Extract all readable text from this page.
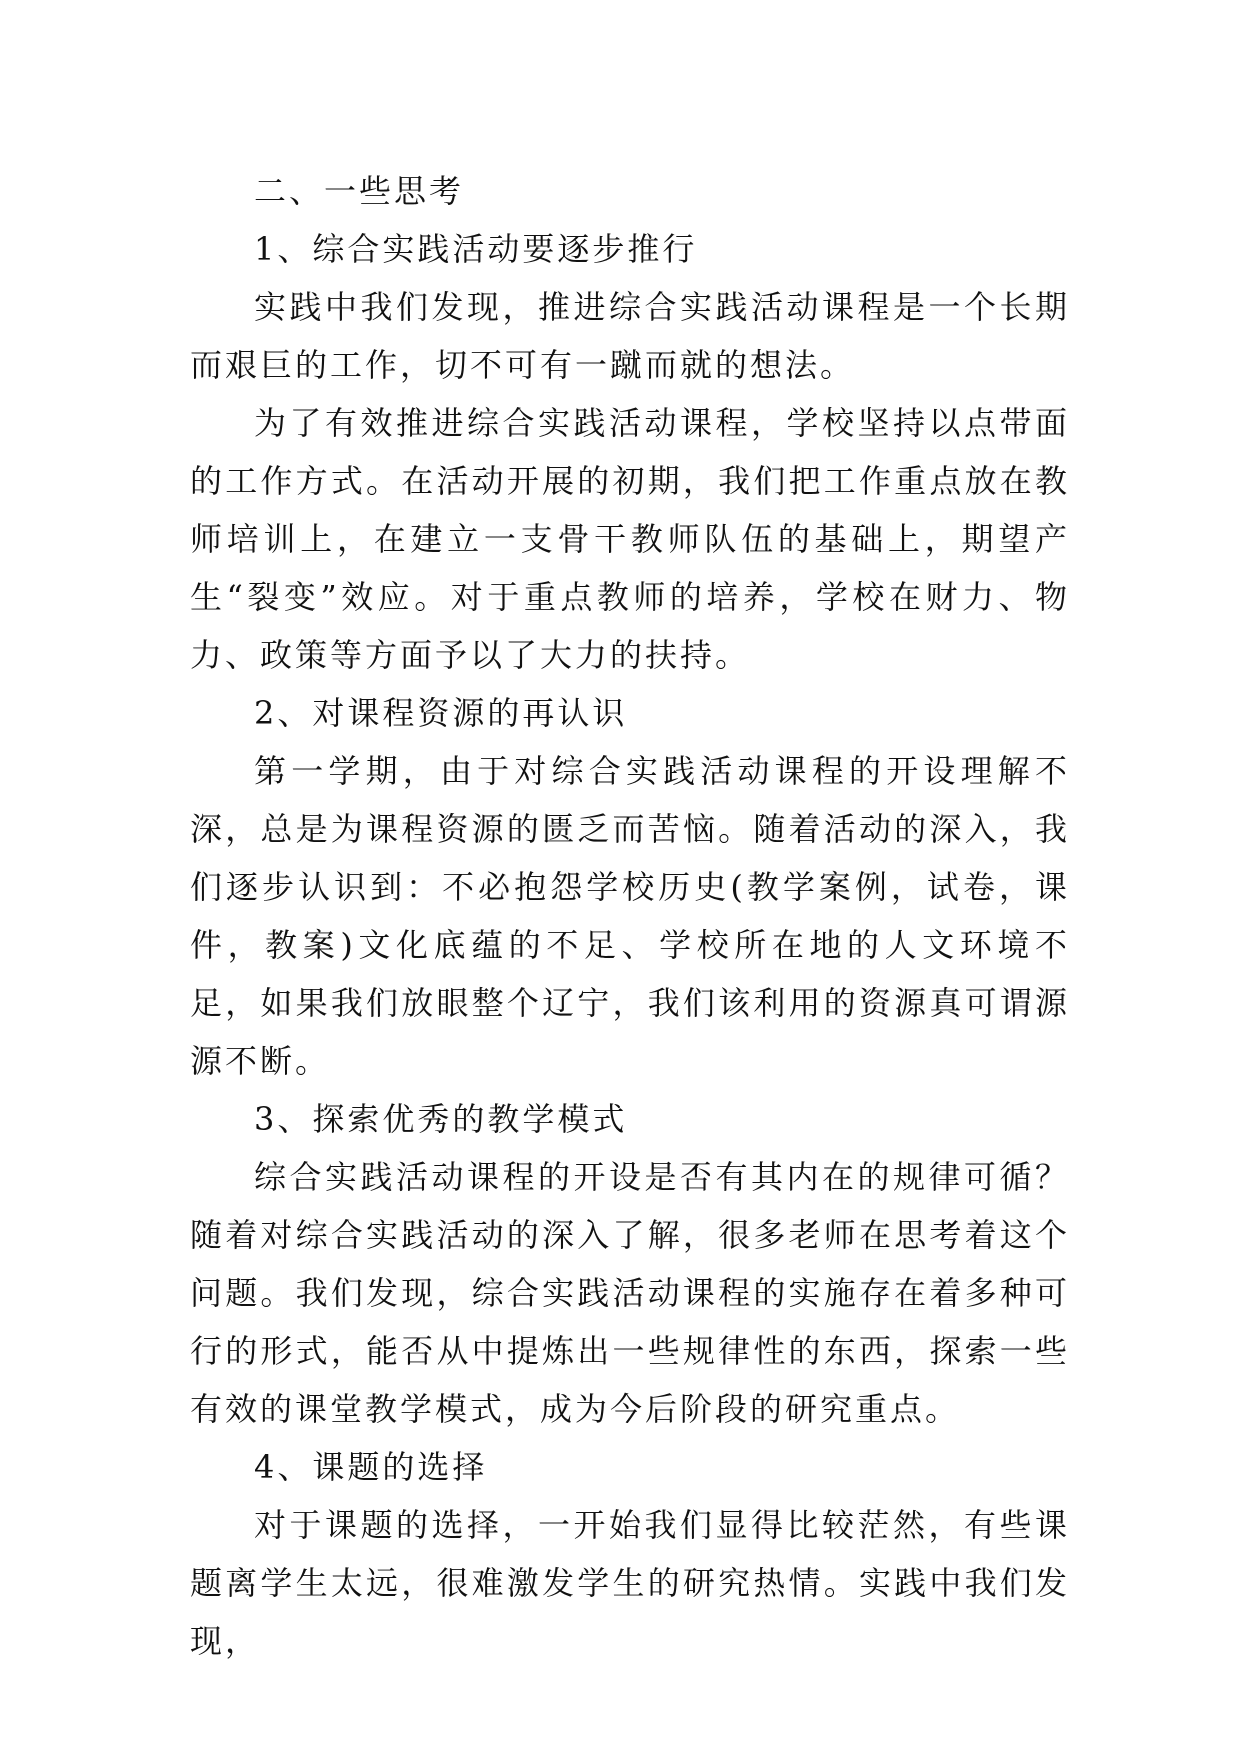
二、一些思考

1、综合实践活动要逐步推行

实践中我们发现，推进综合实践活动课程是一个长期而艰巨的工作，切不可有一蹴而就的想法。

为了有效推进综合实践活动课程，学校坚持以点带面的工作方式。在活动开展的初期，我们把工作重点放在教师培训上，在建立一支骨干教师队伍的基础上，期望产生“裂变”效应。对于重点教师的培养，学校在财力、物力、政策等方面予以了大力的扶持。

2、对课程资源的再认识

第一学期，由于对综合实践活动课程的开设理解不深，总是为课程资源的匮乏而苦恼。随着活动的深入，我们逐步认识到：不必抱怨学校历史(教学案例，试卷，课件，教案)文化底蕴的不足、学校所在地的人文环境不足，如果我们放眼整个辽宁，我们该利用的资源真可谓源源不断。

3、探索优秀的教学模式

综合实践活动课程的开设是否有其内在的规律可循？随着对综合实践活动的深入了解，很多老师在思考着这个问题。我们发现，综合实践活动课程的实施存在着多种可行的形式，能否从中提炼出一些规律性的东西，探索一些有效的课堂教学模式，成为今后阶段的研究重点。

4、课题的选择

对于课题的选择，一开始我们显得比较茫然，有些课题离学生太远，很难激发学生的研究热情。实践中我们发现，
